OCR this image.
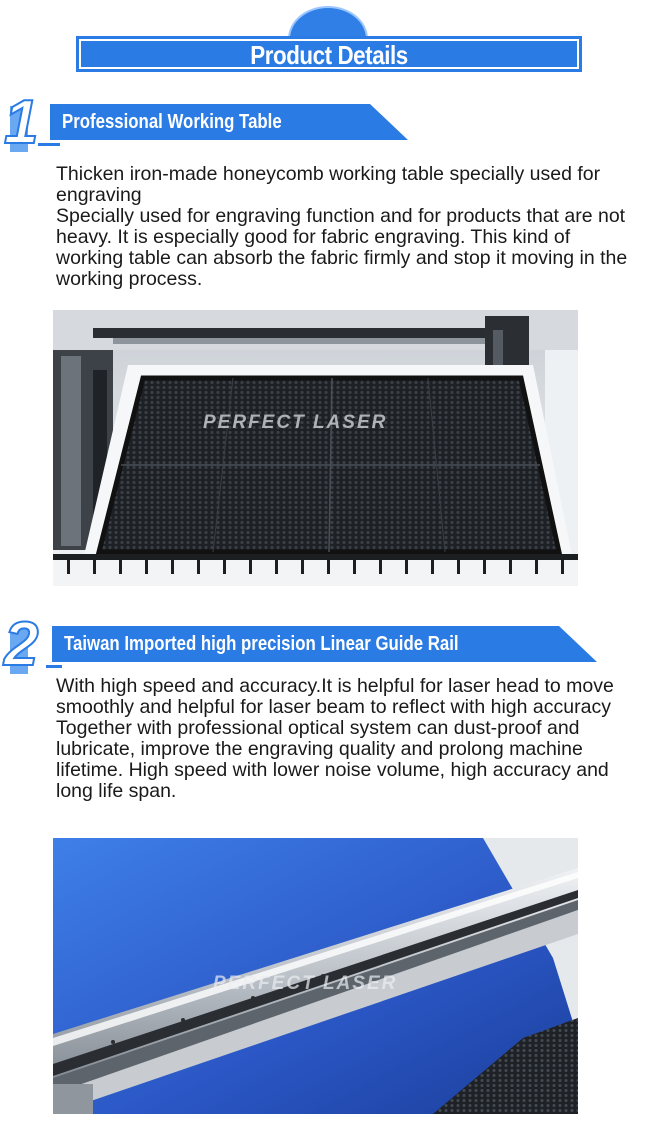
Product Details
1 Professional Working Table

Thicken iron-made honeycomb working table specially used for engraving

Specially used for engraving function and for products that are not heavy. It is especially good for fabric engraving. This kind of working table can absorb the fabric firmly and stop it moving in the working process.

PERFECT LASER
2 Taiwan Imported high precision Linear Guide Rail

With high speed and accuracy.It is helpful for laser head to move smoothly and helpful for laser beam to reflect with high accuracy

Together with professional optical system can dust-proof and lubricate, improve the engraving quality and prolong machine lifetime. High speed with lower noise volume, high accuracy and long life span.

PERFECT LASER
